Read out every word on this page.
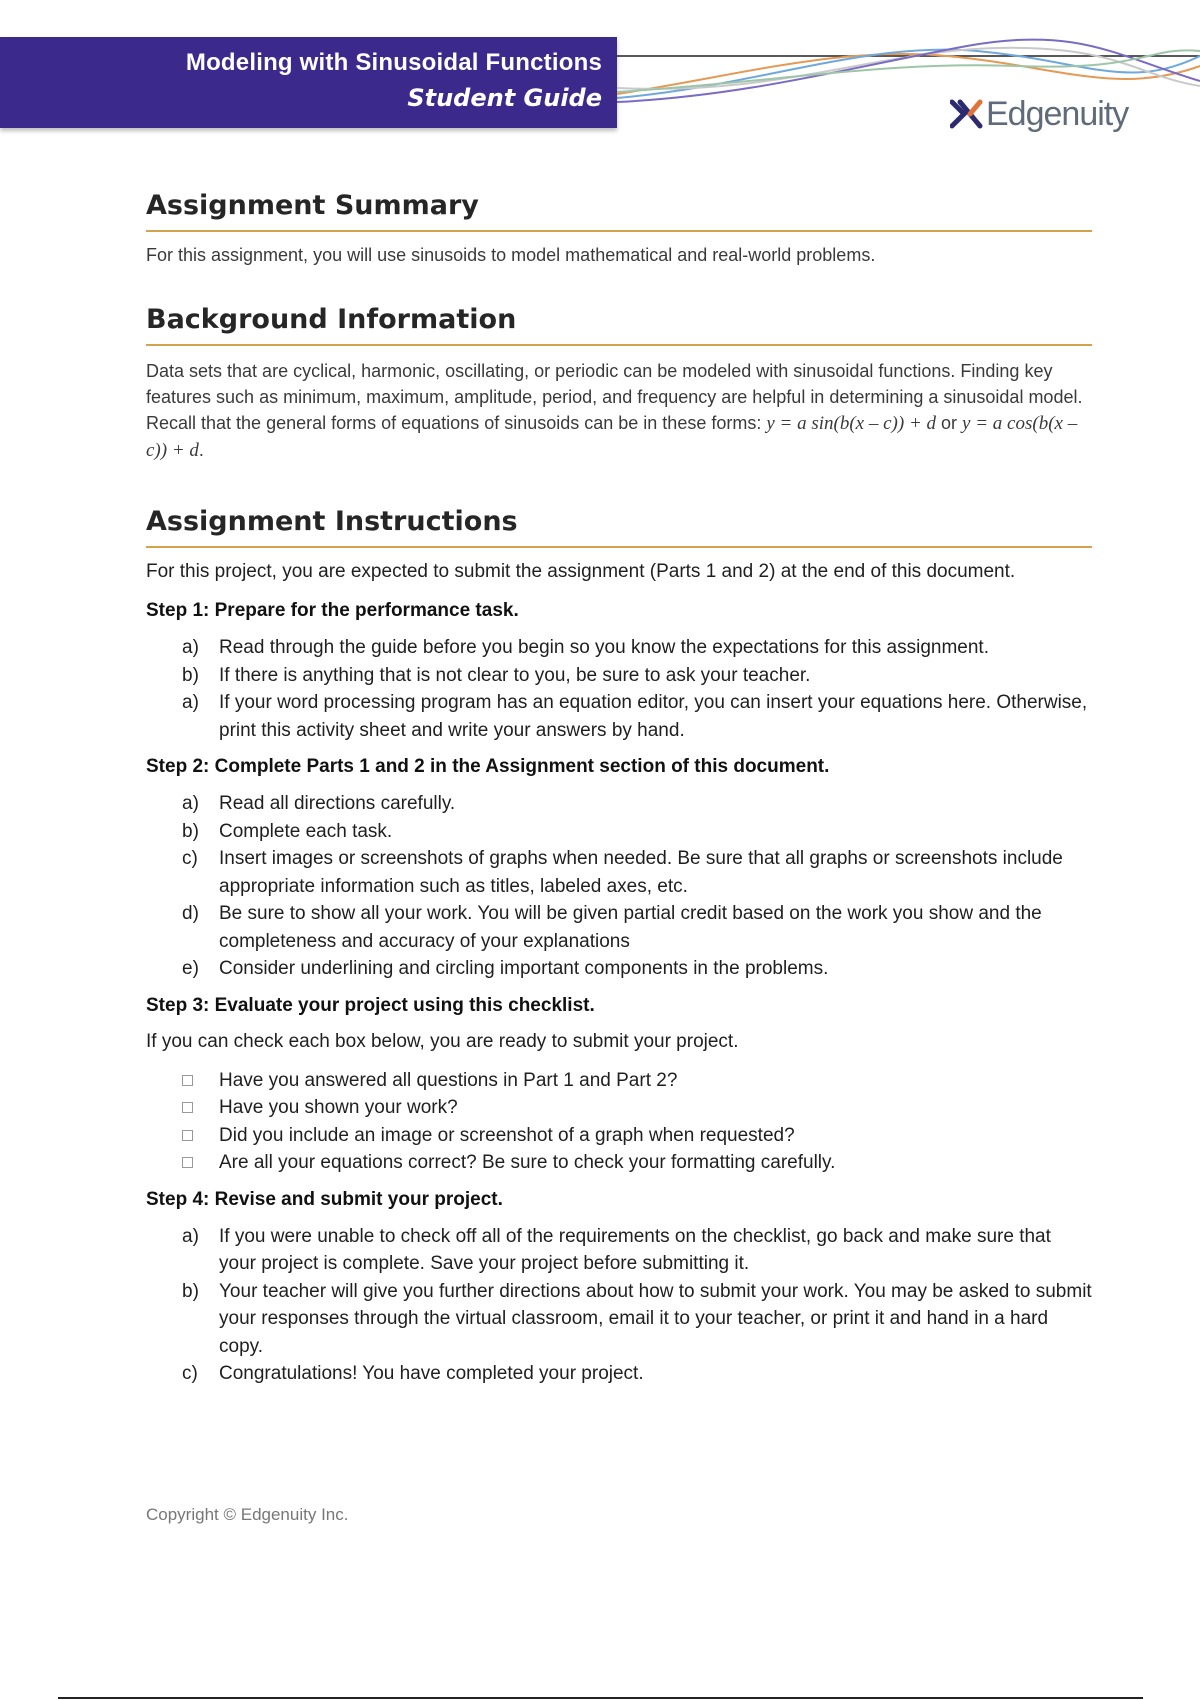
Modeling with Sinusoidal Functions
Student Guide	Edgenuity
Assignment Summary

For this assignment, you will use sinusoids to model mathematical and real-world problems.

Background Information

Data sets that are cyclical, harmonic, oscillating, or periodic can be modeled with sinusoidal functions. Finding key features such as minimum, maximum, amplitude, period, and frequency are helpful in determining a sinusoidal model. Recall that the general forms of equations of sinusoids can be in these forms: y = a sin(b(x – c)) + d or y = a cos(b(x – c)) + d.

Assignment Instructions

For this project, you are expected to submit the assignment (Parts 1 and 2) at the end of this document.

Step 1: Prepare for the performance task.

a)	Read through the guide before you begin so you know the expectations for this assignment.
b)	If there is anything that is not clear to you, be sure to ask your teacher.
a)	If your word processing program has an equation editor, you can insert your equations here. Otherwise, print this activity sheet and write your answers by hand.

Step 2: Complete Parts 1 and 2 in the Assignment section of this document.

a)	Read all directions carefully.
b)	Complete each task.
c)	Insert images or screenshots of graphs when needed. Be sure that all graphs or screenshots include appropriate information such as titles, labeled axes, etc.
d)	Be sure to show all your work. You will be given partial credit based on the work you show and the completeness and accuracy of your explanations
e)	Consider underlining and circling important components in the problems.

Step 3: Evaluate your project using this checklist.

If you can check each box below, you are ready to submit your project.

Have you answered all questions in Part 1 and Part 2?
Have you shown your work?
Did you include an image or screenshot of a graph when requested?
Are all your equations correct? Be sure to check your formatting carefully.

Step 4: Revise and submit your project.

a)	If you were unable to check off all of the requirements on the checklist, go back and make sure that your project is complete. Save your project before submitting it.
b)	Your teacher will give you further directions about how to submit your work. You may be asked to submit your responses through the virtual classroom, email it to your teacher, or print it and hand in a hard copy.
c)	Congratulations! You have completed your project.
Copyright © Edgenuity Inc.
